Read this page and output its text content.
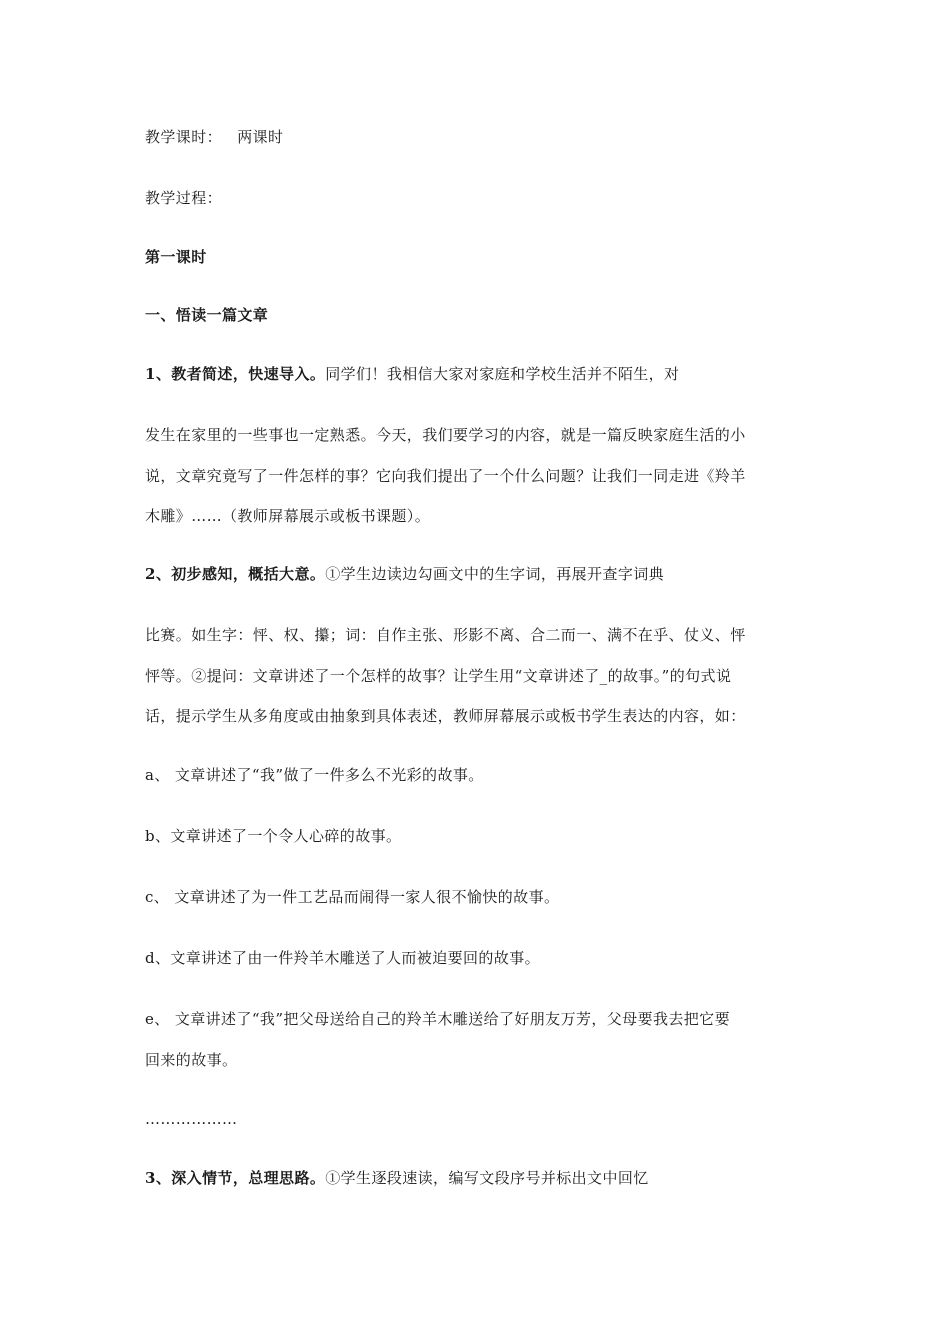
教学课时： 两课时
教学过程：
第一课时
一、悟读一篇文章
1、教者简述，快速导入。同学们！我相信大家对家庭和学校生活并不陌生，对
发生在家里的一些事也一定熟悉。今天，我们要学习的内容，就是一篇反映家庭生活的小
说，文章究竟写了一件怎样的事？它向我们提出了一个什么问题？让我们一同走进《羚羊
木雕》……（教师屏幕展示或板书课题）。
2、初步感知，概括大意。①学生边读边勾画文中的生字词，再展开查字词典
比赛。如生字：怦、权、攥；词：自作主张、形影不离、合二而一、满不在乎、仗义、怦
怦等。②提问：文章讲述了一个怎样的故事？让学生用“文章讲述了_的故事。”的句式说
话，提示学生从多角度或由抽象到具体表述，教师屏幕展示或板书学生表达的内容，如：
a、 文章讲述了“我”做了一件多么不光彩的故事。
b、文章讲述了一个令人心碎的故事。
c、 文章讲述了为一件工艺品而闹得一家人很不愉快的故事。
d、文章讲述了由一件羚羊木雕送了人而被迫要回的故事。
e、 文章讲述了“我”把父母送给自己的羚羊木雕送给了好朋友万芳，父母要我去把它要
回来的故事。
………………
3、深入情节，总理思路。①学生逐段速读，编写文段序号并标出文中回忆
